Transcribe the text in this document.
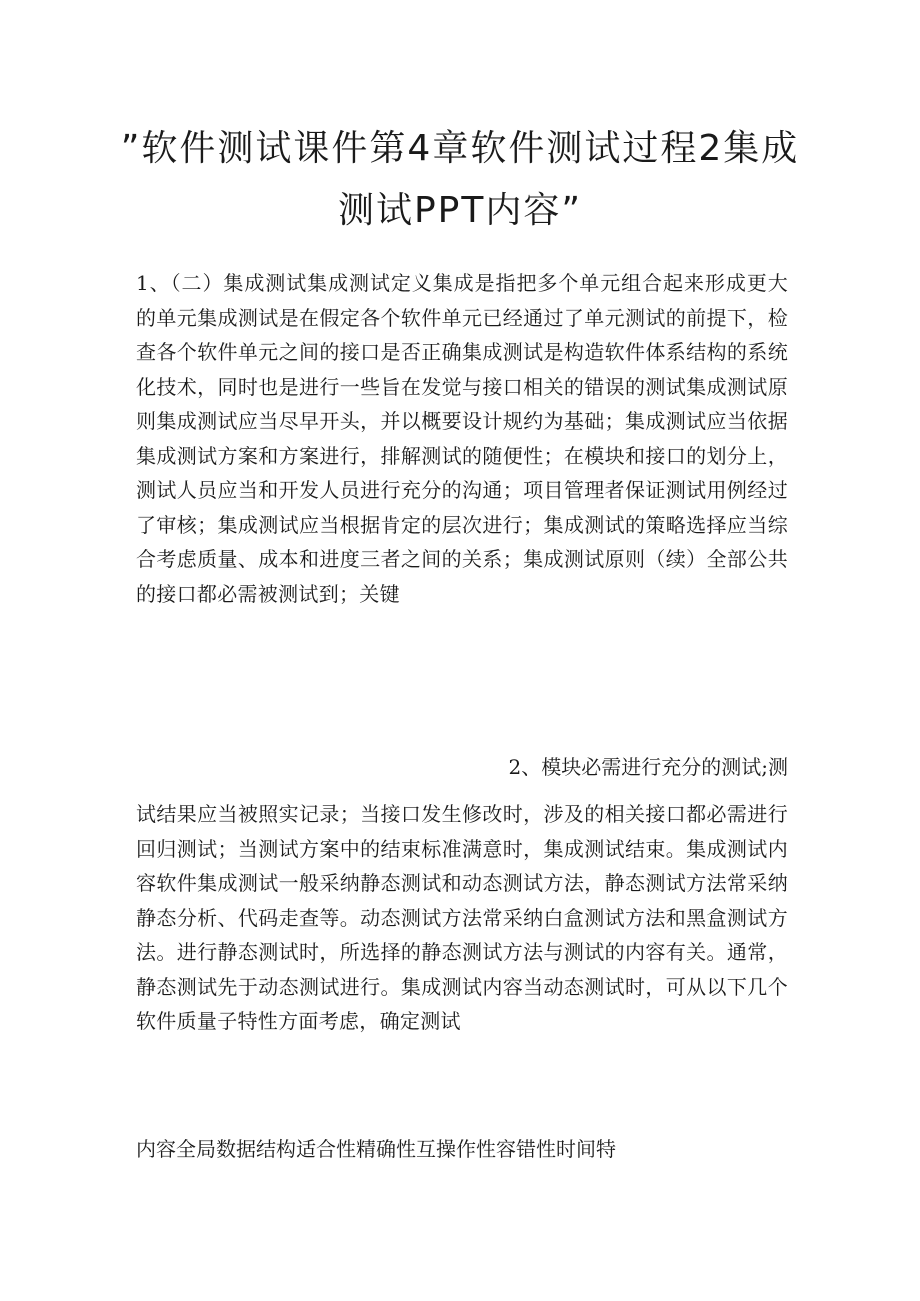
”软件测试课件第4章软件测试过程2集成测试PPT内容”

1、（二）集成测试集成测试定义集成是指把多个单元组合起来形成更大的单元集成测试是在假定各个软件单元已经通过了单元测试的前提下，检查各个软件单元之间的接口是否正确集成测试是构造软件体系结构的系统化技术，同时也是进行一些旨在发觉与接口相关的错误的测试集成测试原则集成测试应当尽早开头，并以概要设计规约为基础；集成测试应当依据集成测试方案和方案进行，排解测试的随便性；在模块和接口的划分上，测试人员应当和开发人员进行充分的沟通；项目管理者保证测试用例经过了审核；集成测试应当根据肯定的层次进行；集成测试的策略选择应当综合考虑质量、成本和进度三者之间的关系；集成测试原则（续）全部公共的接口都必需被测试到；关键

2、模块必需进行充分的测试;测

试结果应当被照实记录；当接口发生修改时，涉及的相关接口都必需进行回归测试；当测试方案中的结束标准满意时，集成测试结束。集成测试内容软件集成测试一般采纳静态测试和动态测试方法，静态测试方法常采纳静态分析、代码走查等。动态测试方法常采纳白盒测试方法和黑盒测试方法。进行静态测试时，所选择的静态测试方法与测试的内容有关。通常，静态测试先于动态测试进行。集成测试内容当动态测试时，可从以下几个软件质量子特性方面考虑，确定测试

内容全局数据结构适合性精确性互操作性容错性时间特
